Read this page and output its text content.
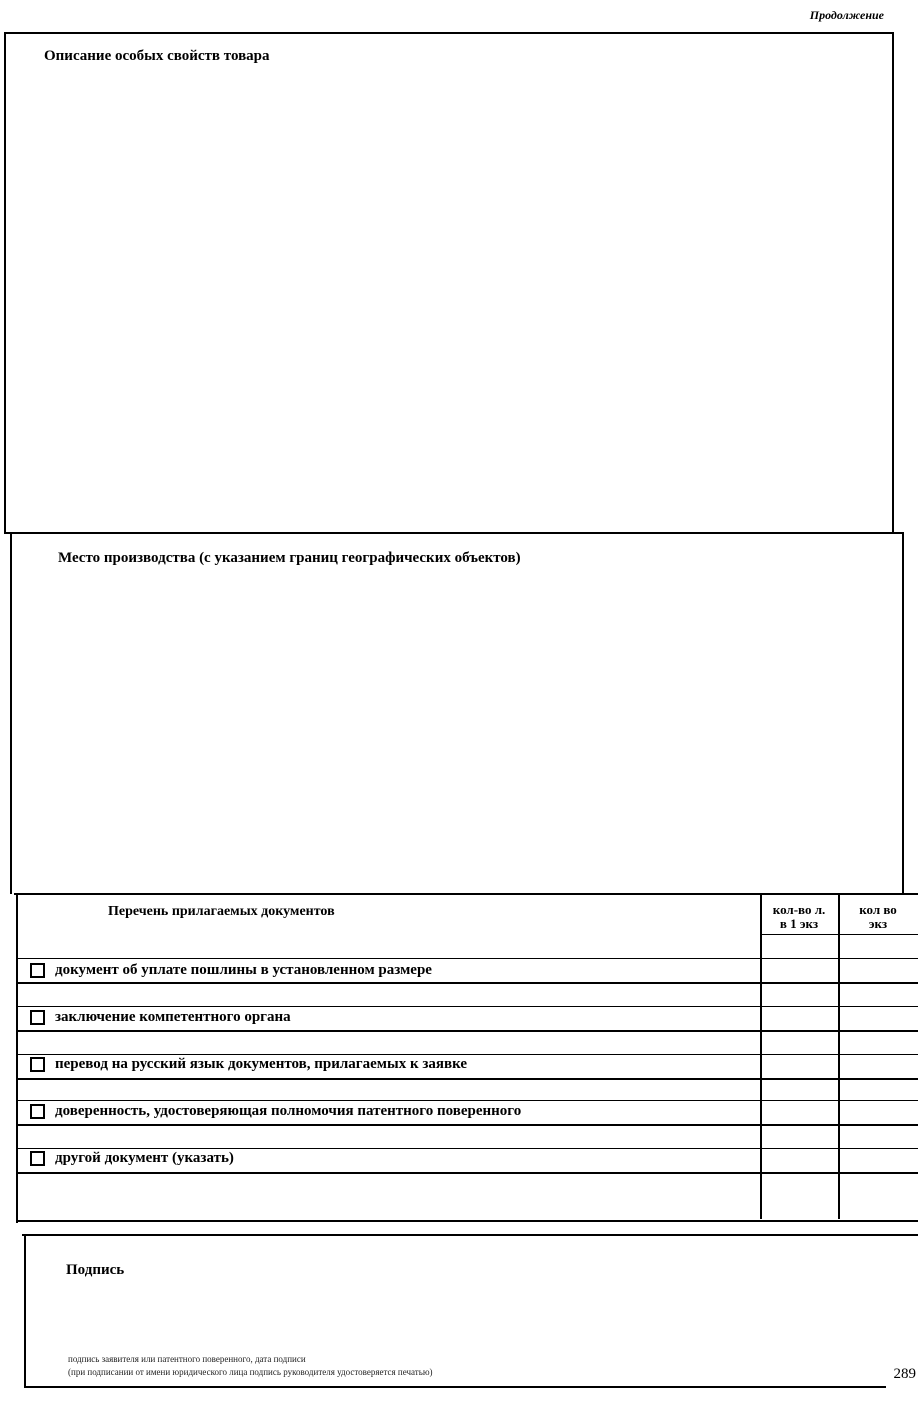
Продолжение
Описание особых свойств товара
Место производства (с указанием границ географических объектов)
Перечень прилагаемых документов	кол-во л.
в 1 экз
кол во
экз
документ об уплате пошлины в установленном размере
заключение компетентного органа
перевод на русский язык документов, прилагаемых к заявке
доверенность, удостоверяющая полномочия патентного поверенного
другой документ (указать)
Подпись
подпись заявителя или патентного поверенного, дата подписи
(при подписании от имени юридического лица подпись руководителя удостоверяется печатью)	289
